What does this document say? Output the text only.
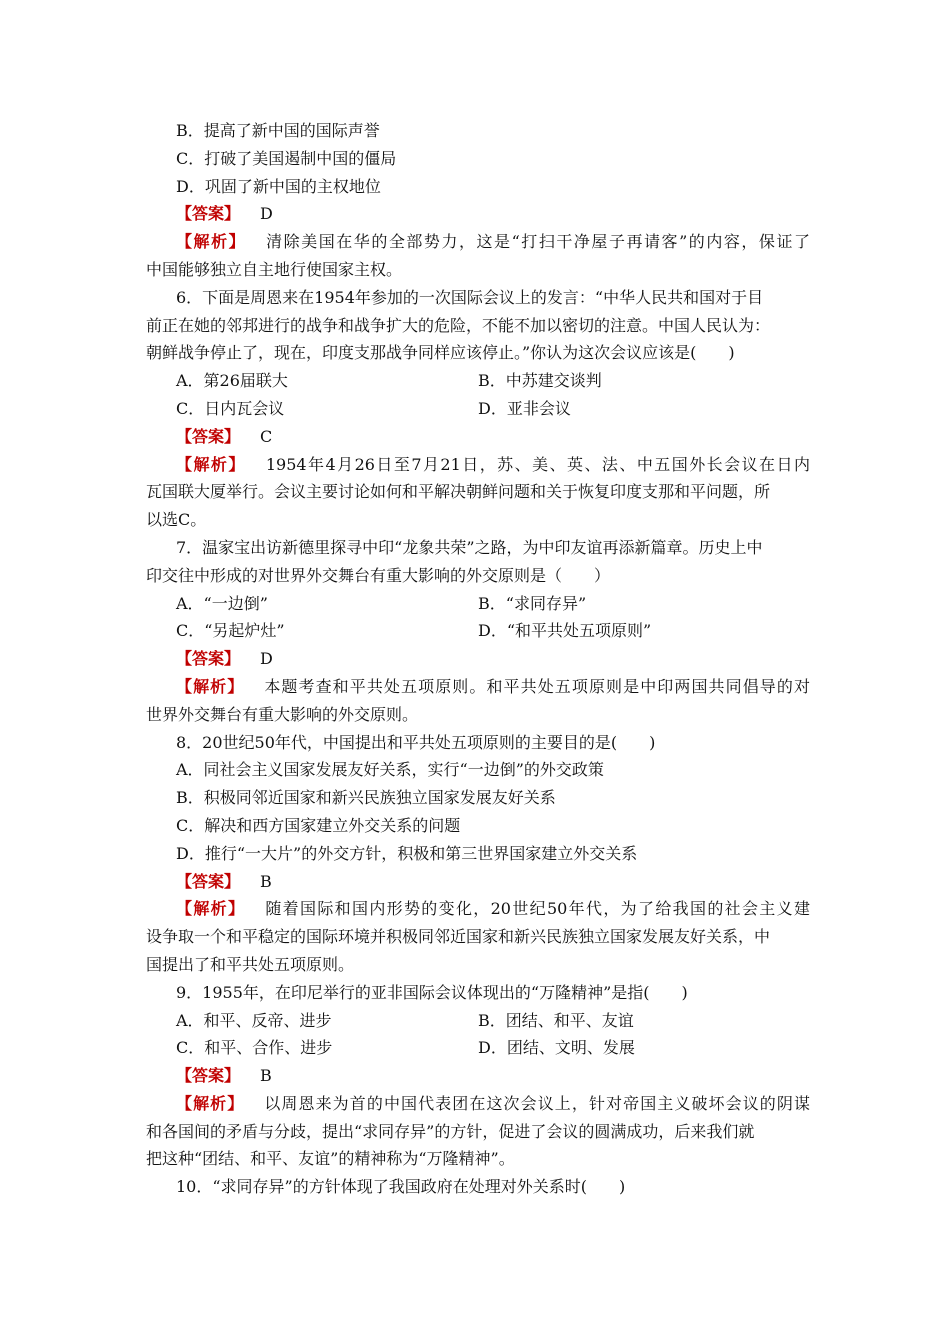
B．提高了新中国的国际声誉
C．打破了美国遏制中国的僵局
D．巩固了新中国的主权地位
【答案】 D
【解析】 清除美国在华的全部势力，这是“打扫干净屋子再请客”的内容，保证了
中国能够独立自主地行使国家主权。
6．下面是周恩来在1954年参加的一次国际会议上的发言：“中华人民共和国对于目
前正在她的邻邦进行的战争和战争扩大的危险，不能不加以密切的注意。中国人民认为：
朝鲜战争停止了，现在，印度支那战争同样应该停止。”你认为这次会议应该是(　　)
A．第26届联大	B．中苏建交谈判
C．日内瓦会议	D．亚非会议
【答案】 C
【解析】 1954年4月26日至7月21日，苏、美、英、法、中五国外长会议在日内
瓦国联大厦举行。会议主要讨论如何和平解决朝鲜问题和关于恢复印度支那和平问题，所
以选C。
7．温家宝出访新德里探寻中印“龙象共荣”之路，为中印友谊再添新篇章。历史上中
印交往中形成的对世界外交舞台有重大影响的外交原则是（　　）
A．“一边倒”	B．“求同存异”
C．“另起炉灶”	D．“和平共处五项原则”
【答案】 D
【解析】 本题考查和平共处五项原则。和平共处五项原则是中印两国共同倡导的对
世界外交舞台有重大影响的外交原则。
8．20世纪50年代，中国提出和平共处五项原则的主要目的是(　　)
A．同社会主义国家发展友好关系，实行“一边倒”的外交政策
B．积极同邻近国家和新兴民族独立国家发展友好关系
C．解决和西方国家建立外交关系的问题
D．推行“一大片”的外交方针，积极和第三世界国家建立外交关系
【答案】 B
【解析】 随着国际和国内形势的变化，20世纪50年代，为了给我国的社会主义建
设争取一个和平稳定的国际环境并积极同邻近国家和新兴民族独立国家发展友好关系，中
国提出了和平共处五项原则。
9．1955年，在印尼举行的亚非国际会议体现出的“万隆精神”是指(　　)
A．和平、反帝、进步	B．团结、和平、友谊
C．和平、合作、进步	D．团结、文明、发展
【答案】 B
【解析】 以周恩来为首的中国代表团在这次会议上，针对帝国主义破坏会议的阴谋
和各国间的矛盾与分歧，提出“求同存异”的方针，促进了会议的圆满成功，后来我们就
把这种“团结、和平、友谊”的精神称为“万隆精神”。
10．“求同存异”的方针体现了我国政府在处理对外关系时(　　)
